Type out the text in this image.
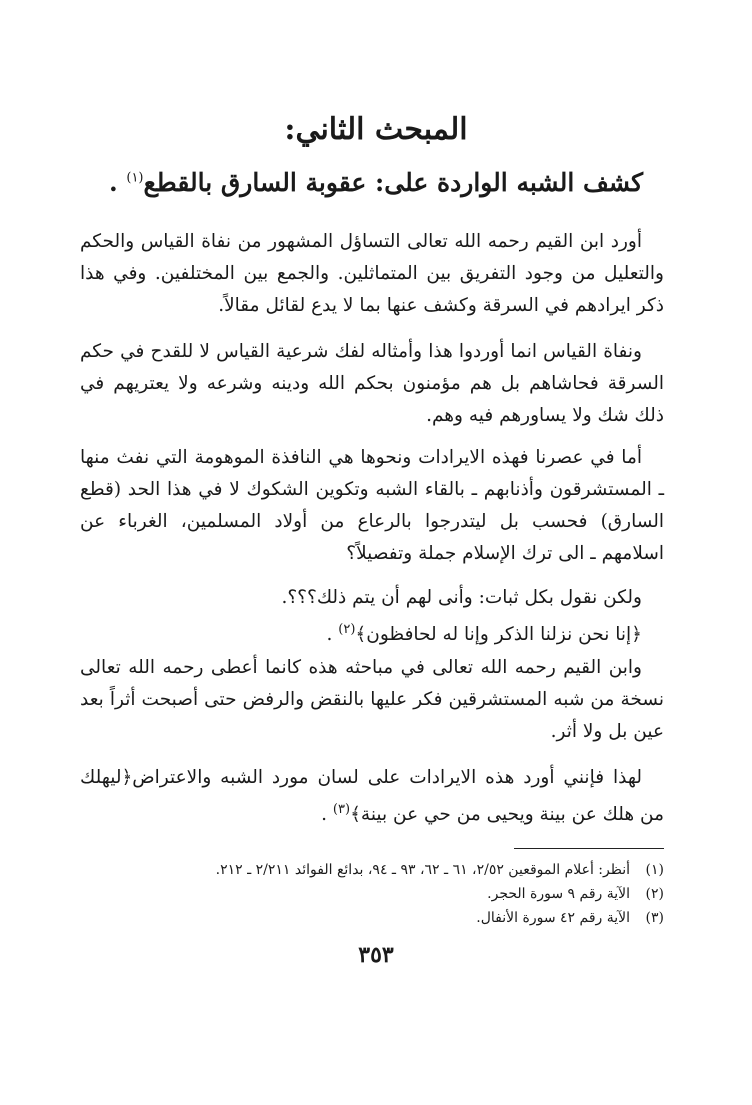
المبحث الثاني:
كشف الشبه الواردة على: عقوبة السارق بالقطع$^{(١)}$ .
أورد ابن القيم رحمه الله تعالى التساؤل المشهور من نفاة القياس والحكم والتعليل من وجود التفريق بين المتماثلين. والجمع بين المختلفين. وفي هذا ذكر ايرادهم في السرقة وكشف عنها بما لا يدع لقائل مقالاً.
ونفاة القياس انما أوردوا هذا وأمثاله لفك شرعية القياس لا للقدح في حكم السرقة فحاشاهم بل هم مؤمنون بحكم الله ودينه وشرعه ولا يعتريهم في ذلك شك ولا يساورهم فيه وهم.
أما في عصرنا فهذه الايرادات ونحوها هي النافذة الموهومة التي نفث منها ـ المستشرقون وأذنابهم ـ بالقاء الشبه وتكوين الشكوك لا في هذا الحد (قطع السارق) فحسب بل ليتدرجوا بالرعاع من أولاد المسلمين، الغرباء عن اسلامهم ـ الى ترك الإسلام جملة وتفصيلاً؟
ولكن نقول بكل ثبات: وأنى لهم أن يتم ذلك؟؟؟.
﴿إنا نحن نزلنا الذكر وإنا له لحافظون﴾$^{(٢)}$ .
وابن القيم رحمه الله تعالى في مباحثه هذه كانما أعطى رحمه الله تعالى نسخة من شبه المستشرقين فكر عليها بالنقض والرفض حتى أصبحت أثراً بعد عين بل ولا أثر.
لهذا فإنني أورد هذه الايرادات على لسان مورد الشبه والاعتراض﴿ليهلك من هلك عن بينة ويحيى من حي عن بينة﴾$^{(٣)}$ .
(١)أنظر: أعلام الموقعين ٢/٥٢، ٦١ ـ ٦٢، ٩٣ ـ ٩٤، بدائع الفوائد ٢/٢١١ ـ ٢١٢.
(٢)الآية رقم ٩ سورة الحجر.
(٣)الآية رقم ٤٢ سورة الأنفال.
٣٥٣
